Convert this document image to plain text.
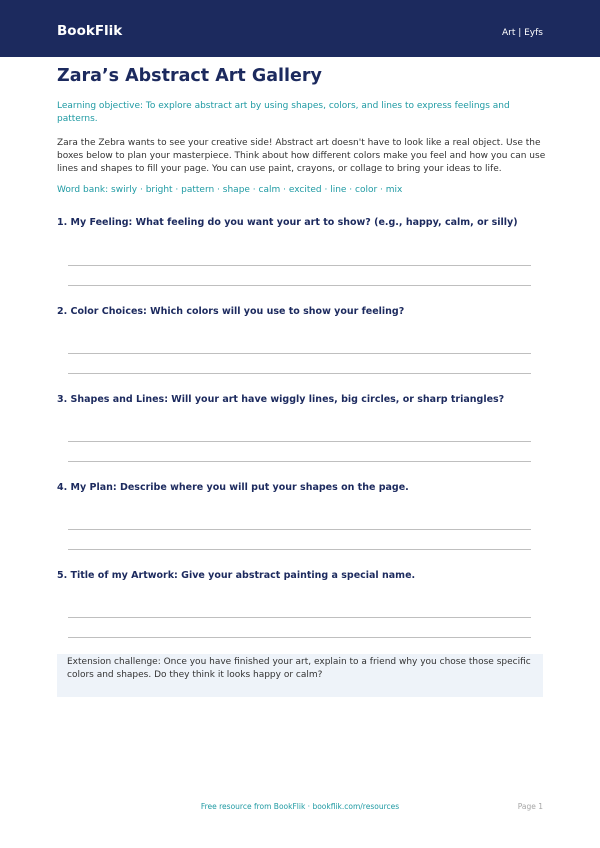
BookFlik	Art | Eyfs
Zara’s Abstract Art Gallery

Learning objective: To explore abstract art by using shapes, colors, and lines to express feelings and patterns.

Zara the Zebra wants to see your creative side! Abstract art doesn't have to look like a real object. Use the boxes below to plan your masterpiece. Think about how different colors make you feel and how you can use lines and shapes to fill your page. You can use paint, crayons, or collage to bring your ideas to life.

Word bank: swirly · bright · pattern · shape · calm · excited · line · color · mix

1. My Feeling: What feeling do you want your art to show? (e.g., happy, calm, or silly)

2. Color Choices: Which colors will you use to show your feeling?

3. Shapes and Lines: Will your art have wiggly lines, big circles, or sharp triangles?

4. My Plan: Describe where you will put your shapes on the page.

5. Title of my Artwork: Give your abstract painting a special name.

Extension challenge: Once you have finished your art, explain to a friend why you chose those specific colors and shapes. Do they think it looks happy or calm?

Free resource from BookFlik · bookflik.com/resources	Page 1
